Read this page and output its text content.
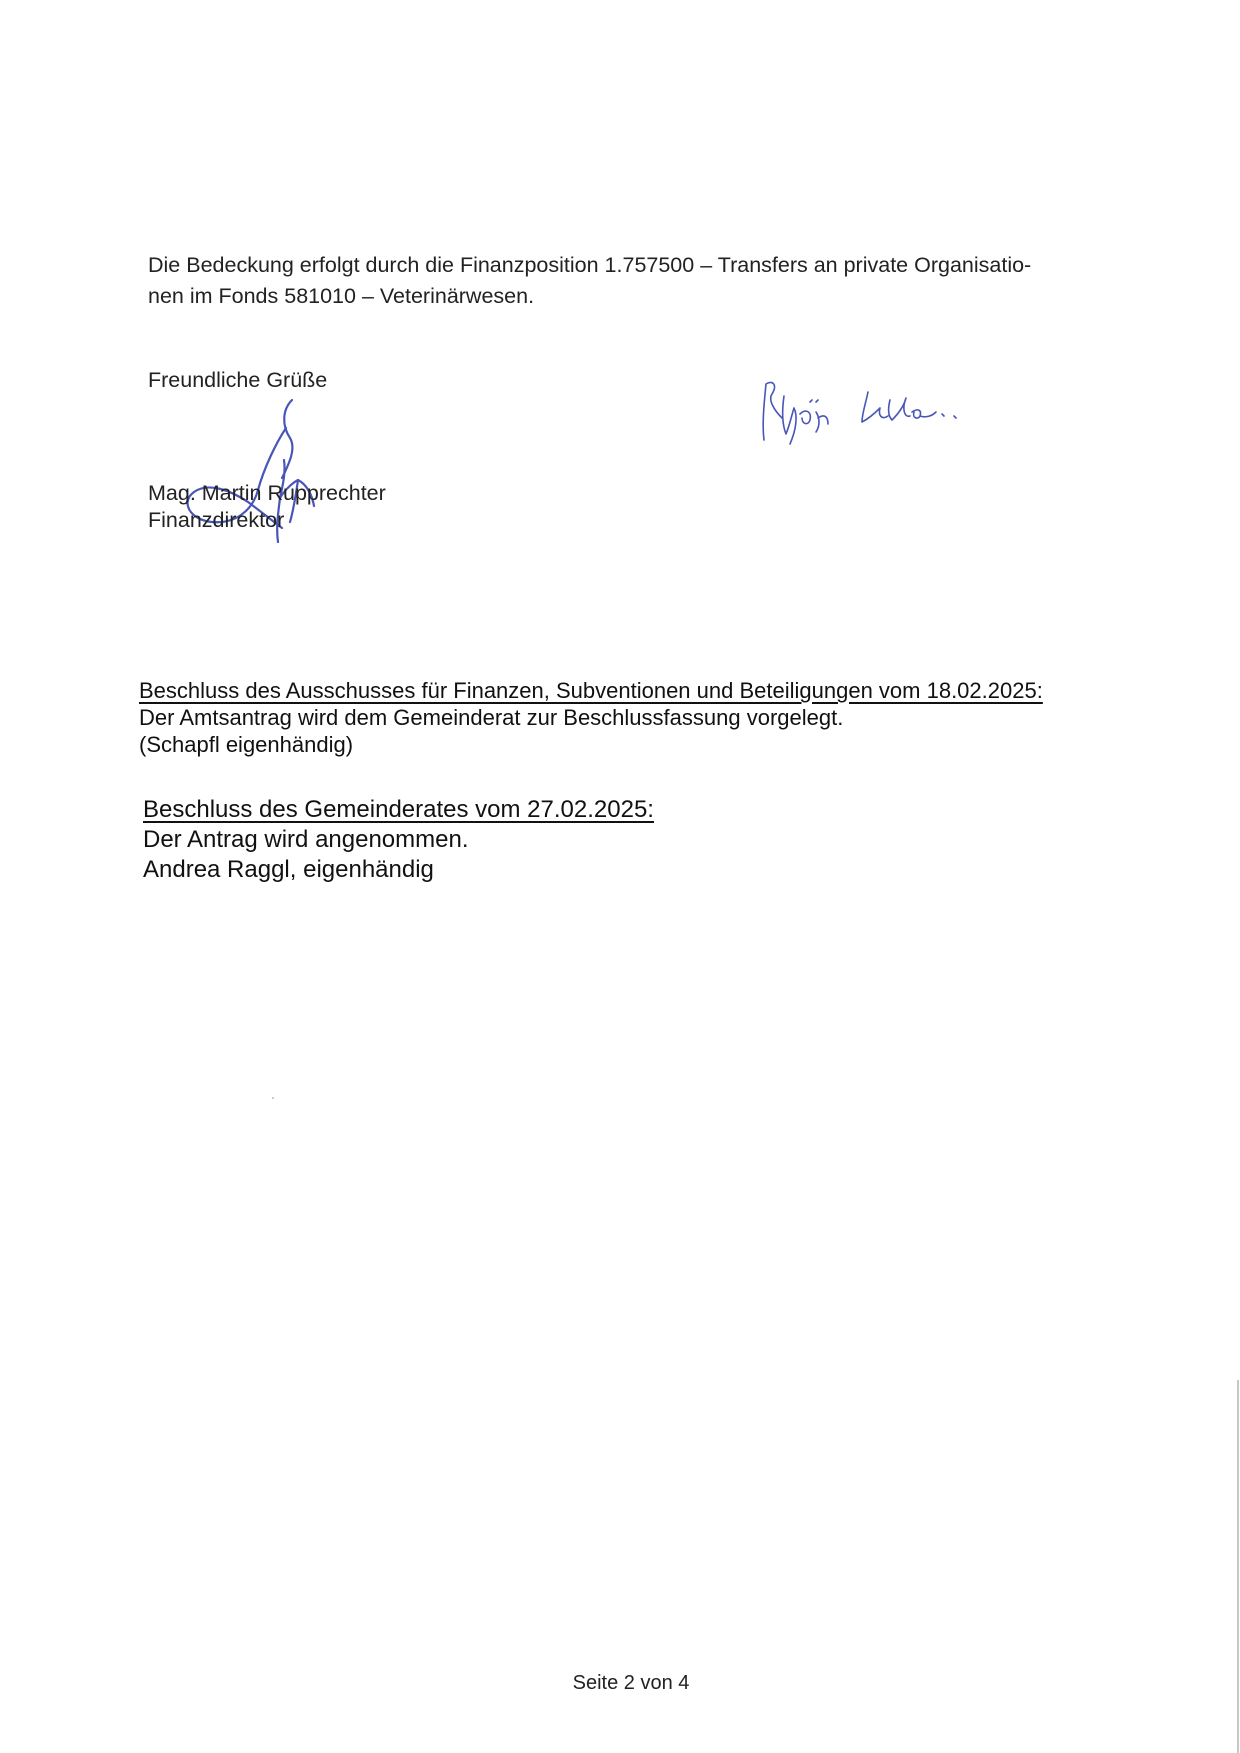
Die Bedeckung erfolgt durch die Finanzposition 1.757500 – Transfers an private Organisatio-
nen im Fonds 581010 – Veterinärwesen.
Freundliche Grüße
Mag. Martin Rupprechter
Finanzdirektor
Beschluss des Ausschusses für Finanzen, Subventionen und Beteiligungen vom 18.02.2025:
Der Amtsantrag wird dem Gemeinderat zur Beschlussfassung vorgelegt.
(Schapfl eigenhändig)
Beschluss des Gemeinderates vom 27.02.2025:
Der Antrag wird angenommen.
Andrea Raggl, eigenhändig
Seite 2 von 4
